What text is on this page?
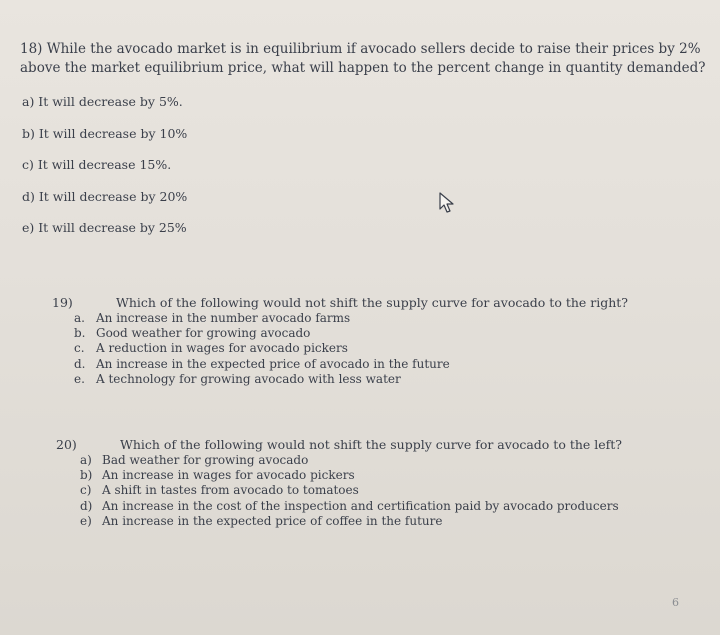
18) While the avocado market is in equilibrium if avocado sellers decide to raise their prices by 2% above the market equilibrium price, what will happen to the percent change in quantity demanded?
a) It will decrease by 5%.
b) It will decrease by 10%
c) It will decrease 15%.
d) It will decrease by 20%
e) It will decrease by 25%
19)	Which of the following would not shift the supply curve for avocado to the right?
a. An increase in the number avocado farms
b. Good weather for growing avocado
c. A reduction in wages for avocado pickers
d. An increase in the expected price of avocado in the future
e. A technology for growing avocado with less water
20)	Which of the following would not shift the supply curve for avocado to the left?
a) Bad weather for growing avocado
b) An increase in wages for avocado pickers
c) A shift in tastes from avocado to tomatoes
d) An increase in the cost of the inspection and certification paid by avocado producers
e) An increase in the expected price of coffee in the future
6
